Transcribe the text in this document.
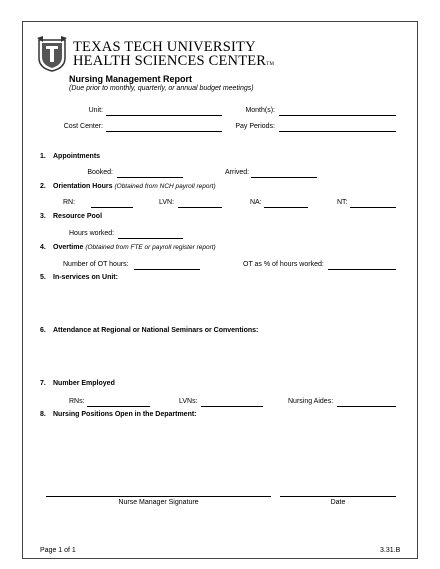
TEXAS TECH UNIVERSITY
HEALTH SCIENCES CENTERTM
Nursing Management Report
(Due prior to monthly, quarterly, or annual budget meetings)
Unit:	Month(s):
Cost Center:	Pay Periods:
1. Appointments
Booked:	Arrived:
2. Orientation Hours (Obtained from NCH payroll report)
RN:	LVN:	NA:	NT:
3. Resource Pool
Hours worked:
4. Overtime (Obtained from FTE or payroll register report)
Number of OT hours:	OT as % of hours worked:
5. In-services on Unit:
6. Attendance at Regional or National Seminars or Conventions:
7. Number Employed
RNs:	LVNs:	Nursing Aides:
8. Nursing Positions Open in the Department:
Nurse Manager Signature	Date
Page 1 of 1	3.31.B
